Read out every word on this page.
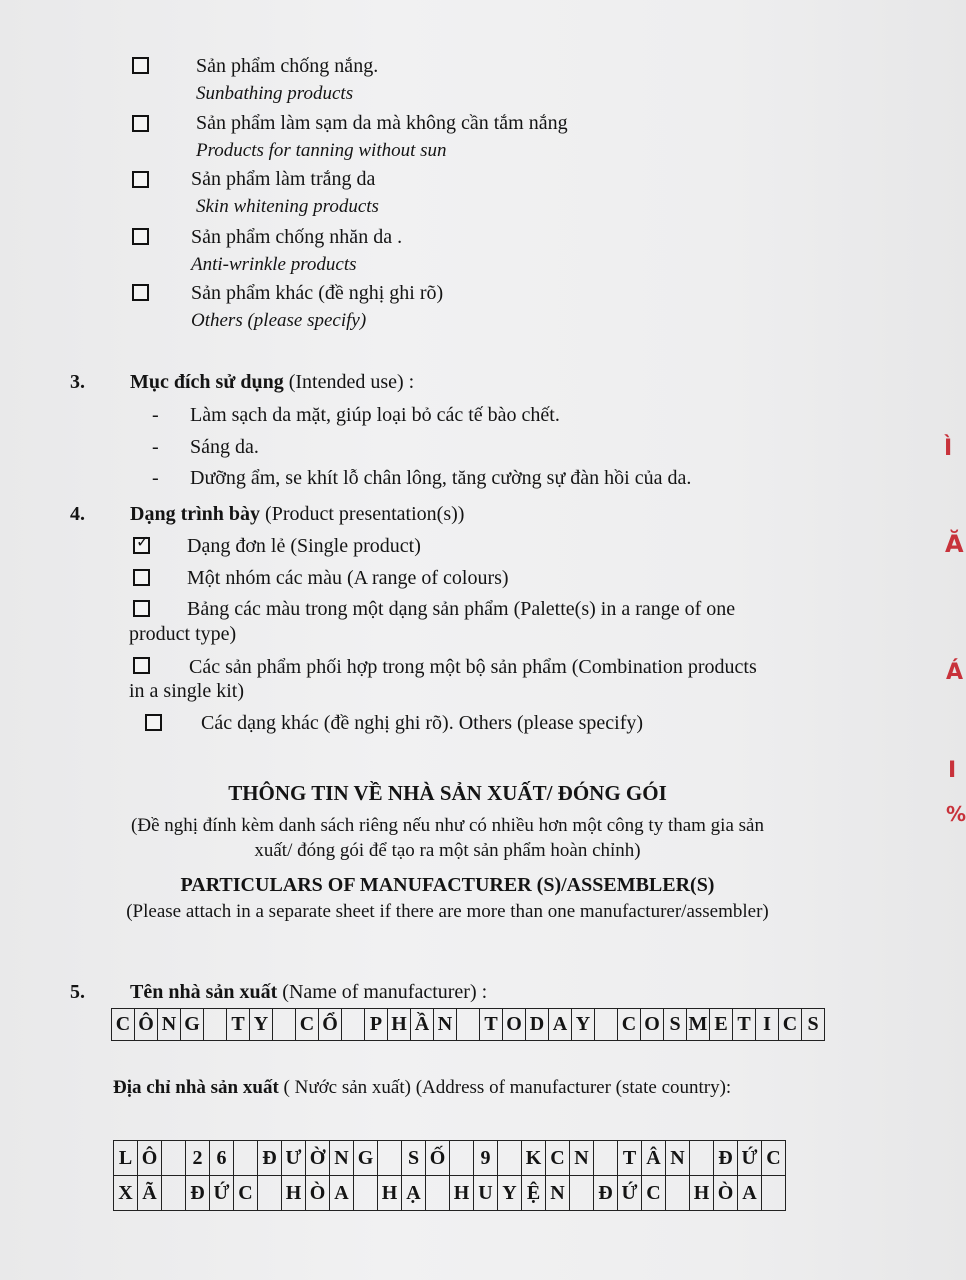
Sản phẩm chống nắng.
Sunbathing products
Sản phẩm làm sạm da mà không cần tắm nắng
Products for tanning without sun
Sản phẩm làm trắng da
Skin whitening products
Sản phẩm chống nhăn da .
Anti-wrinkle products
Sản phẩm khác (đề nghị ghi rõ)
Others (please specify)
3. Mục đích sử dụng (Intended use) :
- Làm sạch da mặt, giúp loại bỏ các tế bào chết.
- Sáng da.
- Dưỡng ẩm, se khít lỗ chân lông, tăng cường sự đàn hồi của da.
4. Dạng trình bày (Product presentation(s))
✓ Dạng đơn lẻ (Single product)
Một nhóm các màu (A range of colours)
Bảng các màu trong một dạng sản phẩm (Palette(s) in a range of one
product type)
Các sản phẩm phối hợp trong một bộ sản phẩm (Combination products
in a single kit)
Các dạng khác (đề nghị ghi rõ). Others (please specify)
THÔNG TIN VỀ NHÀ SẢN XUẤT/ ĐÓNG GÓI
(Đề nghị đính kèm danh sách riêng nếu như có nhiều hơn một công ty tham gia sản
xuất/ đóng gói để tạo ra một sản phẩm hoàn chỉnh)
PARTICULARS OF MANUFACTURER (S)/ASSEMBLER(S)
(Please attach in a separate sheet if there are more than one manufacturer/assembler)
5. Tên nhà sản xuất (Name of manufacturer) :
C	Ô	N	G		T	Y		C	Ổ		P	H	Ầ	N		T	O	D	A	Y		C	O	S	M	E	T	I	C	S
Địa chỉ nhà sản xuất ( Nước sản xuất) (Address of manufacturer (state country):
L	Ô		2	6		Đ	Ư	Ờ	N	G		S	Ố		9		K	C	N		T	Â	N		Đ	Ứ	C
X	Ã		Đ	Ứ	C		H	Ò	A		H	Ạ		H	U	Y	Ệ	N		Đ	Ứ	C		H	Ò	A	
Ì
Ă
Á
I
%
